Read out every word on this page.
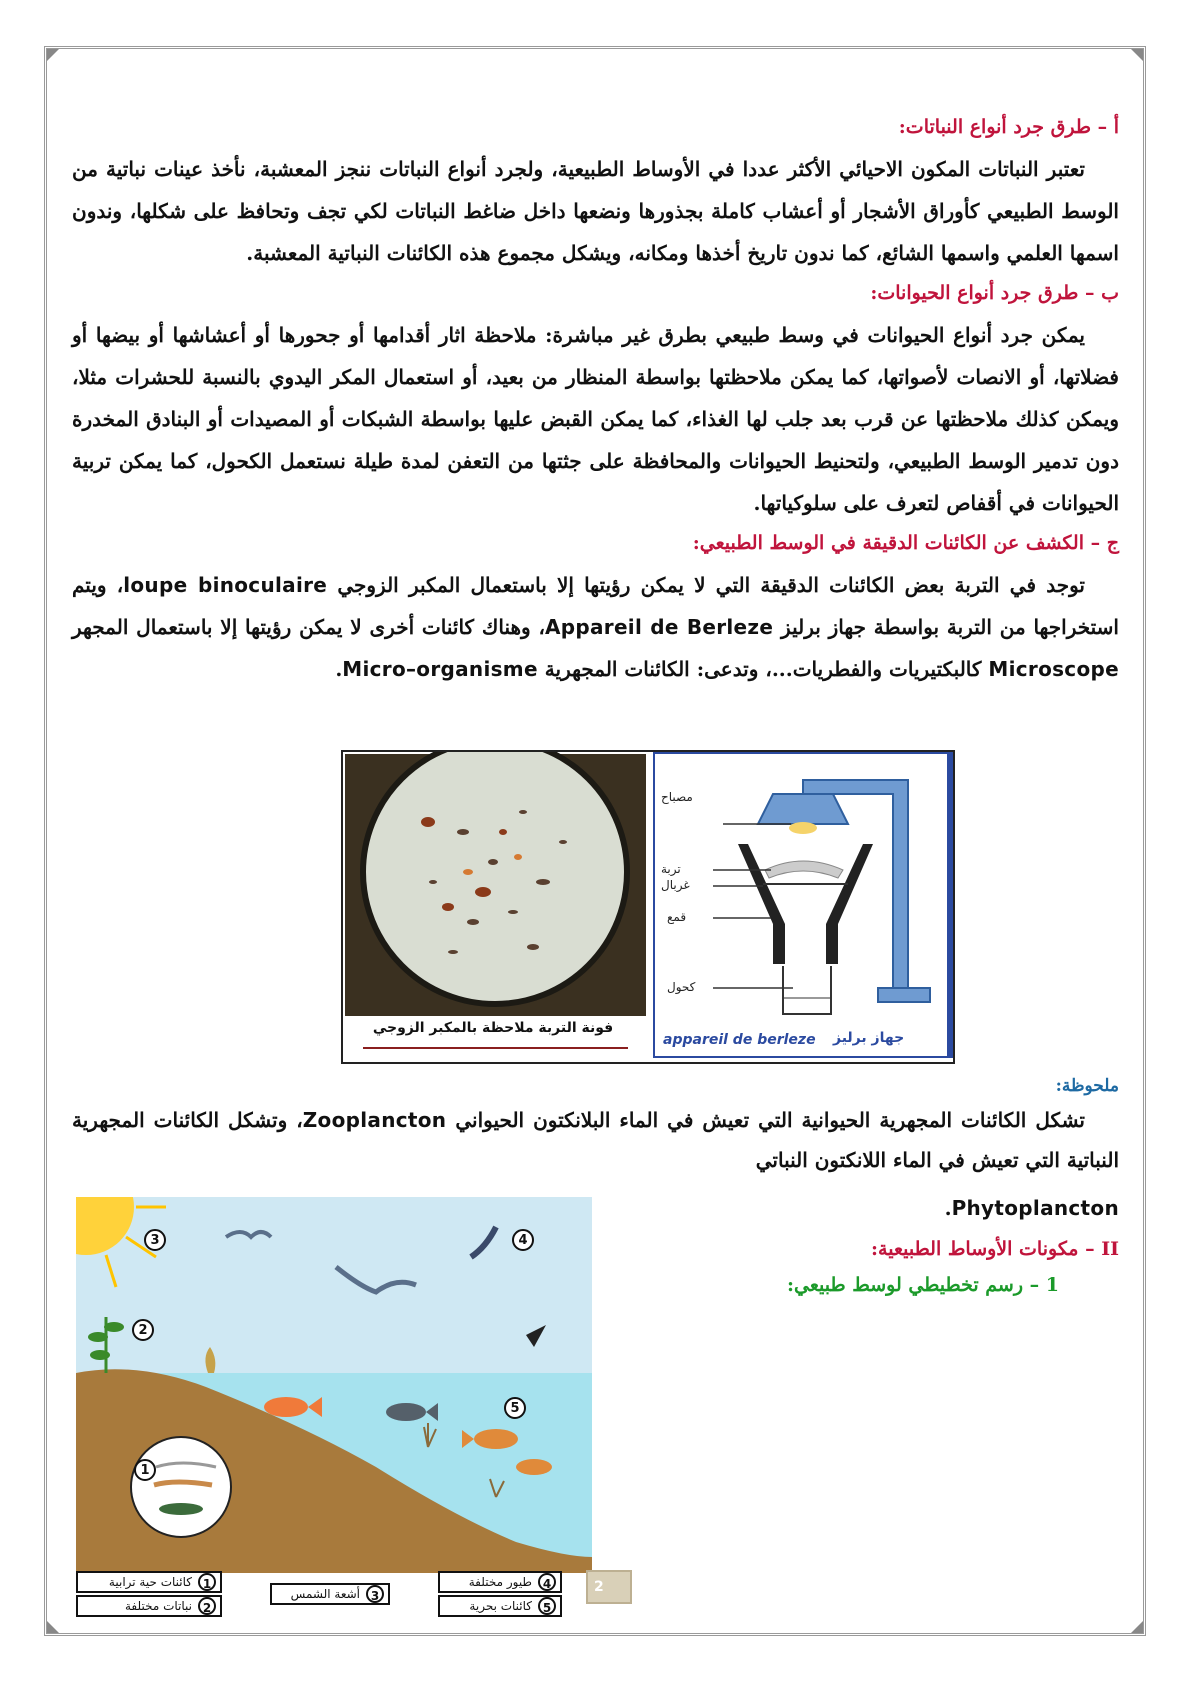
أ – طرق جرد أنواع النباتات:

تعتبر النباتات المكون الاحيائي الأكثر عددا في الأوساط الطبيعية، ولجرد أنواع النباتات ننجز المعشبة، نأخذ عينات نباتية من الوسط الطبيعي كأوراق الأشجار أو أعشاب كاملة بجذورها ونضعها داخل ضاغط النباتات لكي تجف وتحافظ على شكلها، وندون اسمها العلمي واسمها الشائع، كما ندون تاريخ أخذها ومكانه، ويشكل مجموع هذه الكائنات النباتية المعشبة.

ب – طرق جرد أنواع الحيوانات:

يمكن جرد أنواع الحيوانات في وسط طبيعي بطرق غير مباشرة: ملاحظة اثار أقدامها أو جحورها أو أعشاشها أو بيضها أو فضلاتها، أو الانصات لأصواتها، كما يمكن ملاحظتها بواسطة المنظار من بعيد، أو استعمال المكر اليدوي بالنسبة للحشرات مثلا، ويمكن كذلك ملاحظتها عن قرب بعد جلب لها الغذاء، كما يمكن القبض عليها بواسطة الشبكات أو المصيدات أو البنادق المخدرة دون تدمير الوسط الطبيعي، ولتحنيط الحيوانات والمحافظة على جثتها من التعفن لمدة طيلة نستعمل الكحول، كما يمكن تربية الحيوانات في أقفاص لتعرف على سلوكياتها.

ج – الكشف عن الكائنات الدقيقة في الوسط الطبيعي:

توجد في التربة بعض الكائنات الدقيقة التي لا يمكن رؤيتها إلا باستعمال المكبر الزوجي loupe binoculaire، ويتم استخراجها من التربة بواسطة جهاز برليز Appareil de Berleze، وهناك كائنات أخرى لا يمكن رؤيتها إلا باستعمال المجهر Microscope كالبكتيريات والفطريات...، وتدعى: الكائنات المجهرية Micro–organisme.

فونة التربة ملاحظة بالمكبر الزوجي
مصباح
تربة
غربال
قمع
كحول
appareil de berleze جهاز برليز
ملحوظة:

تشكل الكائنات المجهرية الحيوانية التي تعيش في الماء البلانكتون الحيواني Zooplancton، وتشكل الكائنات المجهرية النباتية التي تعيش في الماء اللانكتون النباتي

Phytoplancton.

II – مكونات الأوساط الطبيعية:
1 – رسم تخطيطي لوسط طبيعي:
3	4
2
5
1
1
كائنات حية ترابية
2
نباتات مختلفة
3
أشعة الشمس
4
طيور مختلفة
5
كائنات بحرية
2
